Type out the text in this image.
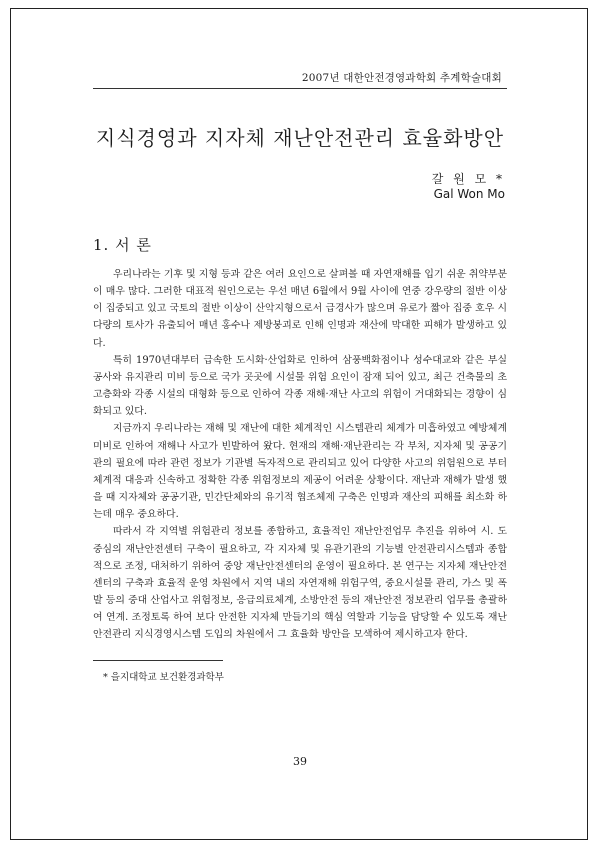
2007년 대한안전경영과학회 추계학술대회
지식경영과 지자체 재난안전관리 효율화방안
갈 원 모 *
Gal Won Mo
1. 서 론

우리나라는 기후 및 지형 등과 같은 여러 요인으로 살펴볼 때 자연재해를 입기 쉬운 취약부분이 매우 많다. 그러한 대표적 원인으로는 우선 매년 6월에서 9월 사이에 연중 강우량의 절반 이상이 집중되고 있고 국토의 절반 이상이 산악지형으로서 급경사가 많으며 유로가 짧아 집중 호우 시 다량의 토사가 유출되어 매년 홍수나 제방붕괴로 인해 인명과 재산에 막대한 피해가 발생하고 있다.

특히 1970년대부터 급속한 도시화·산업화로 인하여 삼풍백화점이나 성수대교와 같은 부실공사와 유지관리 미비 등으로 국가 곳곳에 시설물 위험 요인이 잠재 되어 있고, 최근 건축물의 초고층화와 각종 시설의 대형화 등으로 인하여 각종 재해·재난 사고의 위험이 거대화되는 경향이 심화되고 있다.

지금까지 우리나라는 재해 및 재난에 대한 체계적인 시스템관리 체계가 미흡하였고 예방체계 미비로 인하여 재해나 사고가 빈발하여 왔다. 현재의 재해·재난관리는 각 부처, 지자체 및 공공기관의 필요에 따라 관련 정보가 기관별 독자적으로 관리되고 있어 다양한 사고의 위험원으로 부터 체계적 대응과 신속하고 정확한 각종 위험정보의 제공이 어려운 상황이다. 재난과 재해가 발생 했을 때 지자체와 공공기관, 민간단체와의 유기적 협조체제 구축은 인명과 재산의 피해를 최소화 하는데 매우 중요하다.

따라서 각 지역별 위험관리 정보를 종합하고, 효율적인 재난안전업무 추진을 위하여 시. 도 중심의 재난안전센터 구축이 필요하고, 각 지자체 및 유관기관의 기능별 안전관리시스템과 종합적으로 조정, 대처하기 위하여 중앙 재난안전센터의 운영이 필요하다. 본 연구는 지자체 재난안전센터의 구축과 효율적 운영 차원에서 지역 내의 자연재해 위험구역, 중요시설물 관리, 가스 및 폭발 등의 중대 산업사고 위험정보, 응급의료체계, 소방안전 등의 재난안전 정보관리 업무를 총괄하여 연계. 조정토록 하여 보다 안전한 지자체 만들기의 핵심 역할과 기능을 담당할 수 있도록 재난안전관리 지식경영시스템 도입의 차원에서 그 효율화 방안을 모색하여 제시하고자 한다.

* 을지대학교 보건환경과학부
39
